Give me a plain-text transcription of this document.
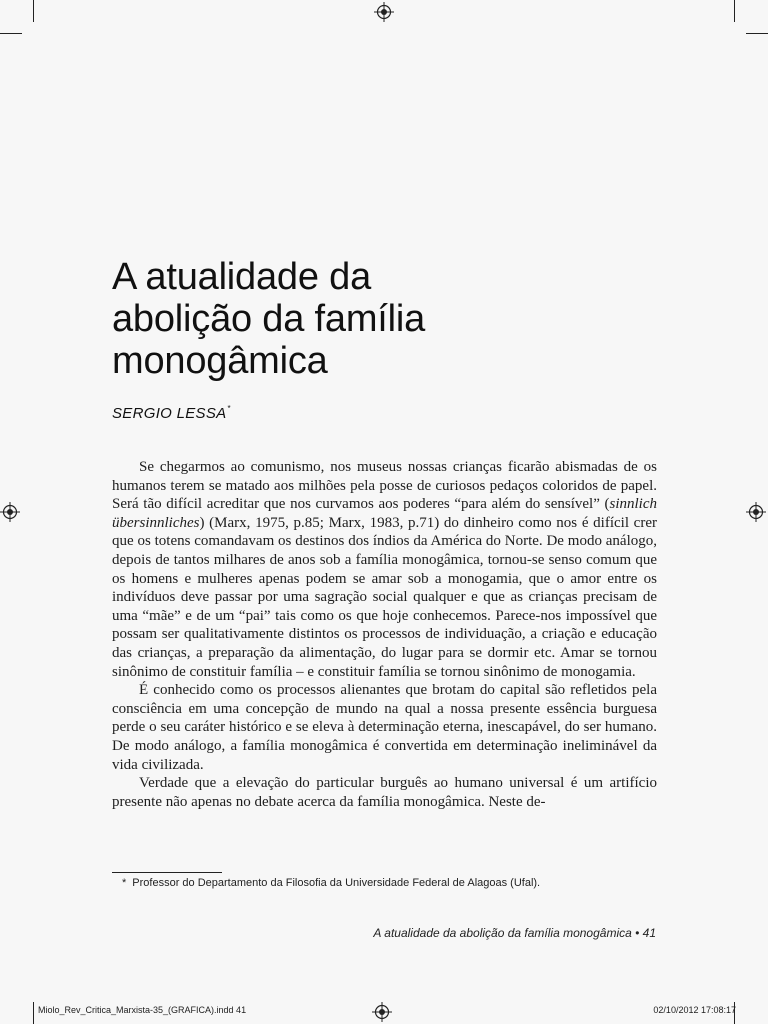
A atualidade da
abolição da família
monogâmica
SERGIO LESSA*

Se chegarmos ao comunismo, nos museus nossas crianças ficarão abismadas de os humanos terem se matado aos milhões pela posse de curiosos pedaços coloridos de papel. Será tão difícil acreditar que nos curvamos aos poderes “para além do sensível” (sinnlich übersinnliches) (Marx, 1975, p.85; Marx, 1983, p.71) do dinheiro como nos é difícil crer que os totens comandavam os destinos dos índios da América do Norte. De modo análogo, depois de tantos milhares de anos sob a família monogâmica, tornou-se senso comum que os homens e mulheres apenas podem se amar sob a monogamia, que o amor entre os indivíduos deve passar por uma sagração social qualquer e que as crianças precisam de uma “mãe” e de um “pai” tais como os que hoje conhecemos. Parece-nos impossível que possam ser qualitativamente distintos os processos de individuação, a criação e educação das crianças, a preparação da alimentação, do lugar para se dormir etc. Amar se tornou sinônimo de constituir família – e constituir família se tornou sinônimo de monogamia.

É conhecido como os processos alienantes que brotam do capital são refletidos pela consciência em uma concepção de mundo na qual a nossa presente essência burguesa perde o seu caráter histórico e se eleva à determinação eterna, inescapável, do ser humano. De modo análogo, a família monogâmica é convertida em determinação ineliminável da vida civilizada.

Verdade que a elevação do particular burguês ao humano universal é um artifício presente não apenas no debate acerca da família monogâmica. Neste de-

* Professor do Departamento da Filosofia da Universidade Federal de Alagoas (Ufal).
A atualidade da abolição da família monogâmica • 41
Miolo_Rev_Critica_Marxista-35_(GRAFICA).indd 41	02/10/2012 17:08:17
